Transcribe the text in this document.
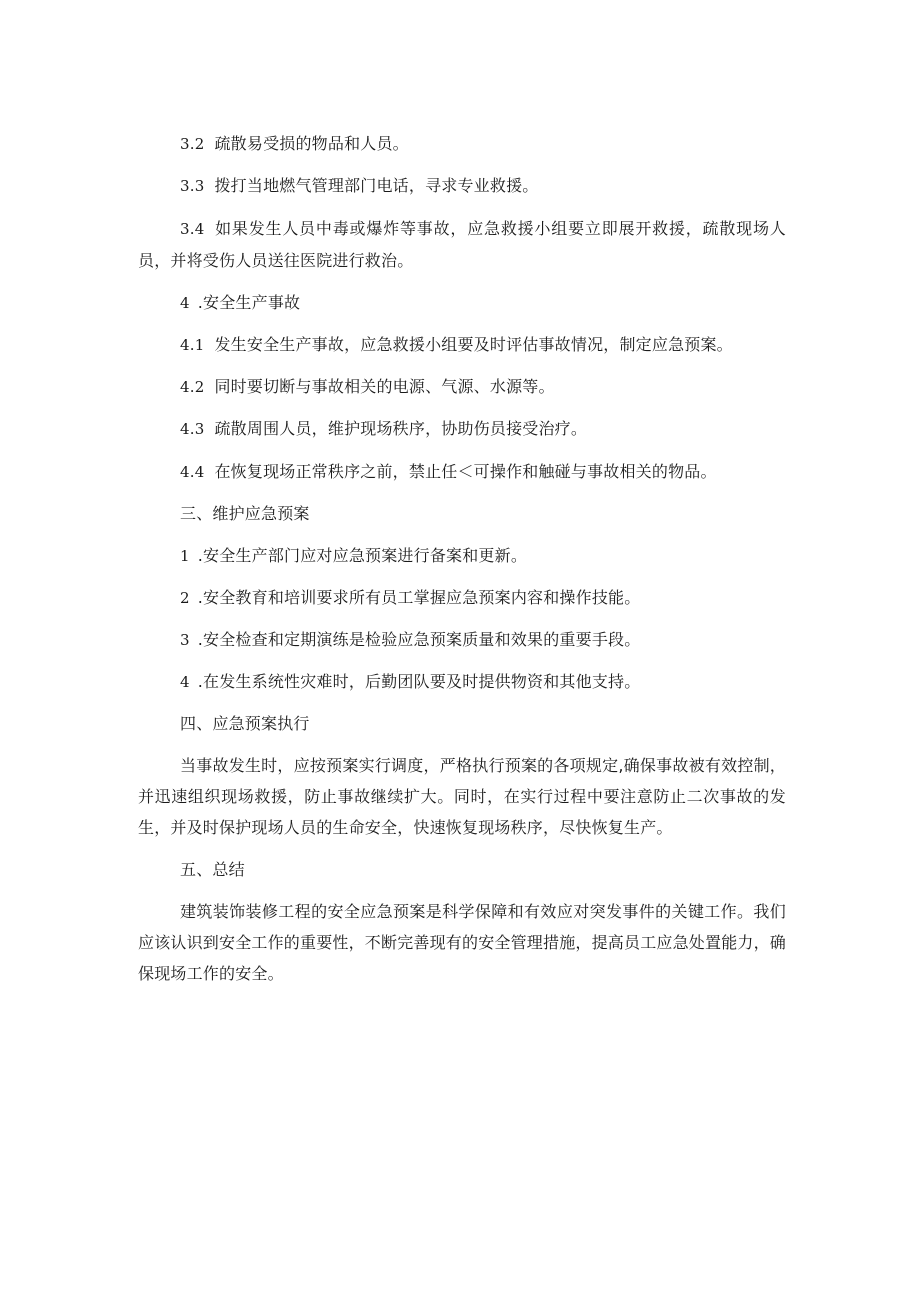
3.2 疏散易受损的物品和人员。

3.3 拨打当地燃气管理部门电话，寻求专业救援。

3.4 如果发生人员中毒或爆炸等事故，应急救援小组要立即展开救援，疏散现场人员，并将受伤人员送往医院进行救治。

4 .安全生产事故

4.1 发生安全生产事故，应急救援小组要及时评估事故情况，制定应急预案。

4.2 同时要切断与事故相关的电源、气源、水源等。

4.3 疏散周围人员，维护现场秩序，协助伤员接受治疗。

4.4 在恢复现场正常秩序之前，禁止任＜可操作和触碰与事故相关的物品。

三、维护应急预案

1 .安全生产部门应对应急预案进行备案和更新。

2 .安全教育和培训要求所有员工掌握应急预案内容和操作技能。

3 .安全检查和定期演练是检验应急预案质量和效果的重要手段。

4 .在发生系统性灾难时，后勤团队要及时提供物资和其他支持。

四、应急预案执行

当事故发生时，应按预案实行调度，严格执行预案的各项规定,确保事故被有效控制，并迅速组织现场救援，防止事故继续扩大。同时，在实行过程中要注意防止二次事故的发生，并及时保护现场人员的生命安全，快速恢复现场秩序，尽快恢复生产。

五、总结

建筑装饰装修工程的安全应急预案是科学保障和有效应对突发事件的关键工作。我们应该认识到安全工作的重要性，不断完善现有的安全管理措施，提高员工应急处置能力，确保现场工作的安全。
